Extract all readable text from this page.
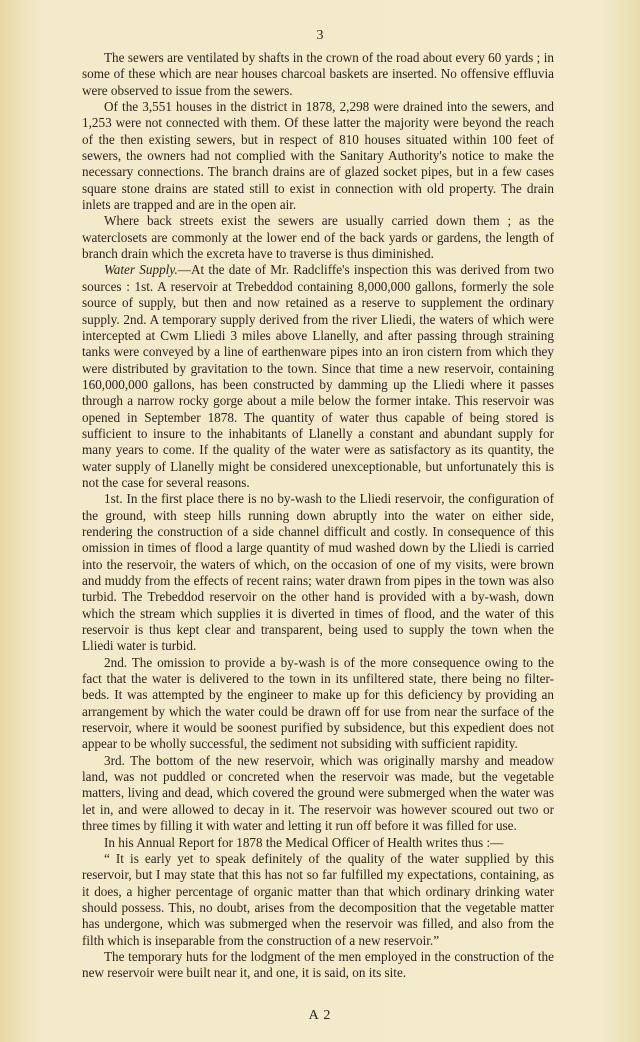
3

The sewers are ventilated by shafts in the crown of the road about every 60 yards ; in some of these which are near houses charcoal baskets are inserted. No offensive effluvia were observed to issue from the sewers.

Of the 3,551 houses in the district in 1878, 2,298 were drained into the sewers, and 1,253 were not connected with them. Of these latter the majority were beyond the reach of the then existing sewers, but in respect of 810 houses situated within 100 feet of sewers, the owners had not complied with the Sanitary Authority's notice to make the necessary connections. The branch drains are of glazed socket pipes, but in a few cases square stone drains are stated still to exist in connection with old property. The drain inlets are trapped and are in the open air.

Where back streets exist the sewers are usually carried down them ; as the waterclosets are commonly at the lower end of the back yards or gardens, the length of branch drain which the excreta have to traverse is thus diminished.

Water Supply.—At the date of Mr. Radcliffe's inspection this was derived from two sources : 1st. A reservoir at Trebeddod containing 8,000,000 gallons, formerly the sole source of supply, but then and now retained as a reserve to supplement the ordinary supply. 2nd. A temporary supply derived from the river Lliedi, the waters of which were intercepted at Cwm Lliedi 3 miles above Llanelly, and after passing through straining tanks were conveyed by a line of earthenware pipes into an iron cistern from which they were distributed by gravitation to the town. Since that time a new reservoir, containing 160,000,000 gallons, has been constructed by damming up the Lliedi where it passes through a narrow rocky gorge about a mile below the former intake. This reservoir was opened in September 1878. The quantity of water thus capable of being stored is sufficient to insure to the inhabitants of Llanelly a constant and abundant supply for many years to come. If the quality of the water were as satisfactory as its quantity, the water supply of Llanelly might be considered unexceptionable, but unfortunately this is not the case for several reasons.

1st. In the first place there is no by-wash to the Lliedi reservoir, the configuration of the ground, with steep hills running down abruptly into the water on either side, rendering the construction of a side channel difficult and costly. In consequence of this omission in times of flood a large quantity of mud washed down by the Lliedi is carried into the reservoir, the waters of which, on the occasion of one of my visits, were brown and muddy from the effects of recent rains; water drawn from pipes in the town was also turbid. The Trebeddod reservoir on the other hand is provided with a by-wash, down which the stream which supplies it is diverted in times of flood, and the water of this reservoir is thus kept clear and transparent, being used to supply the town when the Lliedi water is turbid.

2nd. The omission to provide a by-wash is of the more consequence owing to the fact that the water is delivered to the town in its unfiltered state, there being no filter-beds. It was attempted by the engineer to make up for this deficiency by providing an arrangement by which the water could be drawn off for use from near the surface of the reservoir, where it would be soonest purified by subsidence, but this expedient does not appear to be wholly successful, the sediment not subsiding with sufficient rapidity.

3rd. The bottom of the new reservoir, which was originally marshy and meadow land, was not puddled or concreted when the reservoir was made, but the vegetable matters, living and dead, which covered the ground were submerged when the water was let in, and were allowed to decay in it. The reservoir was however scoured out two or three times by filling it with water and letting it run off before it was filled for use.

In his Annual Report for 1878 the Medical Officer of Health writes thus :—

“ It is early yet to speak definitely of the quality of the water supplied by this reservoir, but I may state that this has not so far fulfilled my expectations, containing, as it does, a higher percentage of organic matter than that which ordinary drinking water should possess. This, no doubt, arises from the decomposition that the vegetable matter has undergone, which was submerged when the reservoir was filled, and also from the filth which is inseparable from the construction of a new reservoir.”

The temporary huts for the lodgment of the men employed in the construction of the new reservoir were built near it, and one, it is said, on its site.

A 2
